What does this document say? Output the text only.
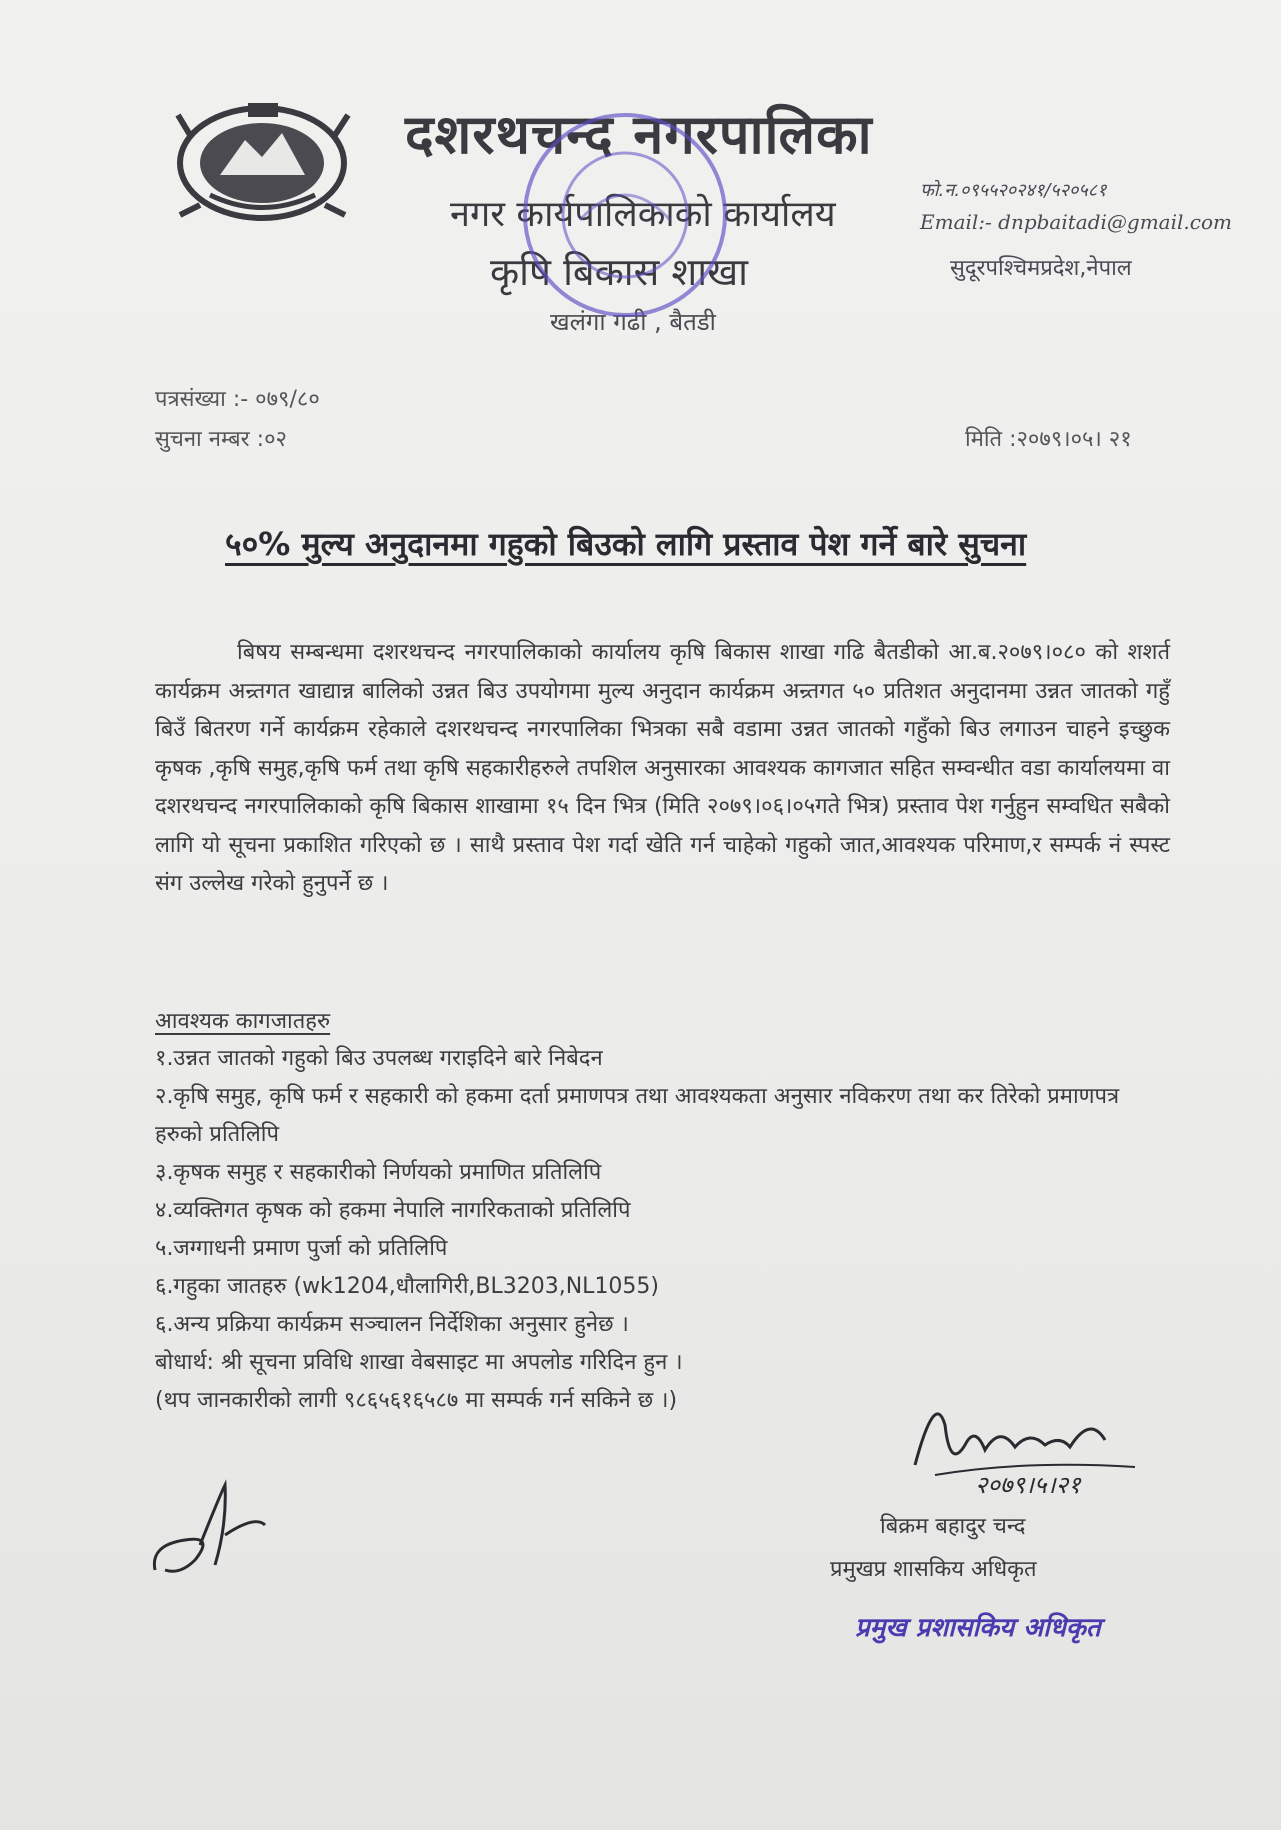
दशरथचन्द नगरपालिका
नगर कार्यपालिकाको कार्यालय
कृषि बिकास शाखा
खलंगा गढी , बैतडी
फो.न.०९५५२०२४१/५२०५८१
Email:- dnpbaitadi@gmail.com
सुदूरपश्चिमप्रदेश,नेपाल
पत्रसंख्या :- ०७९/८०
सुचना नम्बर :०२	मिति :२०७९।०५। २१
५०% मुल्य अनुदानमा गहुको बिउको लागि प्रस्ताव पेश गर्ने बारे सुचना

बिषय सम्बन्धमा दशरथचन्द नगरपालिकाको कार्यालय कृषि बिकास शाखा गढि बैतडीको आ.ब.२०७९।०८० को शशर्त कार्यक्रम अन्र्तगत खाद्यान्न बालिको उन्नत बिउ उपयोगमा मुल्य अनुदान कार्यक्रम अन्र्तगत ५० प्रतिशत अनुदानमा उन्नत जातको गहुँ बिउँ बितरण गर्ने कार्यक्रम रहेकाले दशरथचन्द नगरपालिका भित्रका सबै वडामा उन्नत जातको गहुँको बिउ लगाउन चाहने इच्छुक कृषक ,कृषि समुह,कृषि फर्म तथा कृषि सहकारीहरुले तपशिल अनुसारका आवश्यक कागजात सहित सम्वन्धीत वडा कार्यालयमा वा दशरथचन्द नगरपालिकाको कृषि बिकास शाखामा १५ दिन भित्र (मिति २०७९।०६।०५गते भित्र) प्रस्ताव पेश गर्नुहुन सम्वधित सबैको लागि यो सूचना प्रकाशित गरिएको छ । साथै प्रस्ताव पेश गर्दा खेति गर्न चाहेको गहुको जात,आवश्यक परिमाण,र सम्पर्क नं स्पस्ट संग उल्लेख गरेको हुनुपर्ने छ ।

आवश्यक कागजातहरु
१.उन्नत जातको गहुको बिउ उपलब्ध गराइदिने बारे निबेदन
२.कृषि समुह, कृषि फर्म र सहकारी को हकमा दर्ता प्रमाणपत्र तथा आवश्यकता अनुसार नविकरण तथा कर तिरेको प्रमाणपत्र हरुको प्रतिलिपि
३.कृषक समुह र सहकारीको निर्णयको प्रमाणित प्रतिलिपि
४.व्यक्तिगत कृषक को हकमा नेपालि नागरिकताको प्रतिलिपि
५.जग्गाधनी प्रमाण पुर्जा को प्रतिलिपि
६.गहुका जातहरु (wk1204,धौलागिरी,BL3203,NL1055)
६.अन्य प्रक्रिया कार्यक्रम सञ्चालन निर्देशिका अनुसार हुनेछ ।
बोधार्थ: श्री सूचना प्रविधि शाखा वेबसाइट मा अपलोड गरिदिन हुन ।
(थप जानकारीको लागी ९८६५६१६५८७ मा सम्पर्क गर्न सकिने छ ।)
२०७९।५।२१
बिक्रम बहादुर चन्द
प्रमुखप्र शासकिय अधिकृत
प्रमुख प्रशासकिय अधिकृत
